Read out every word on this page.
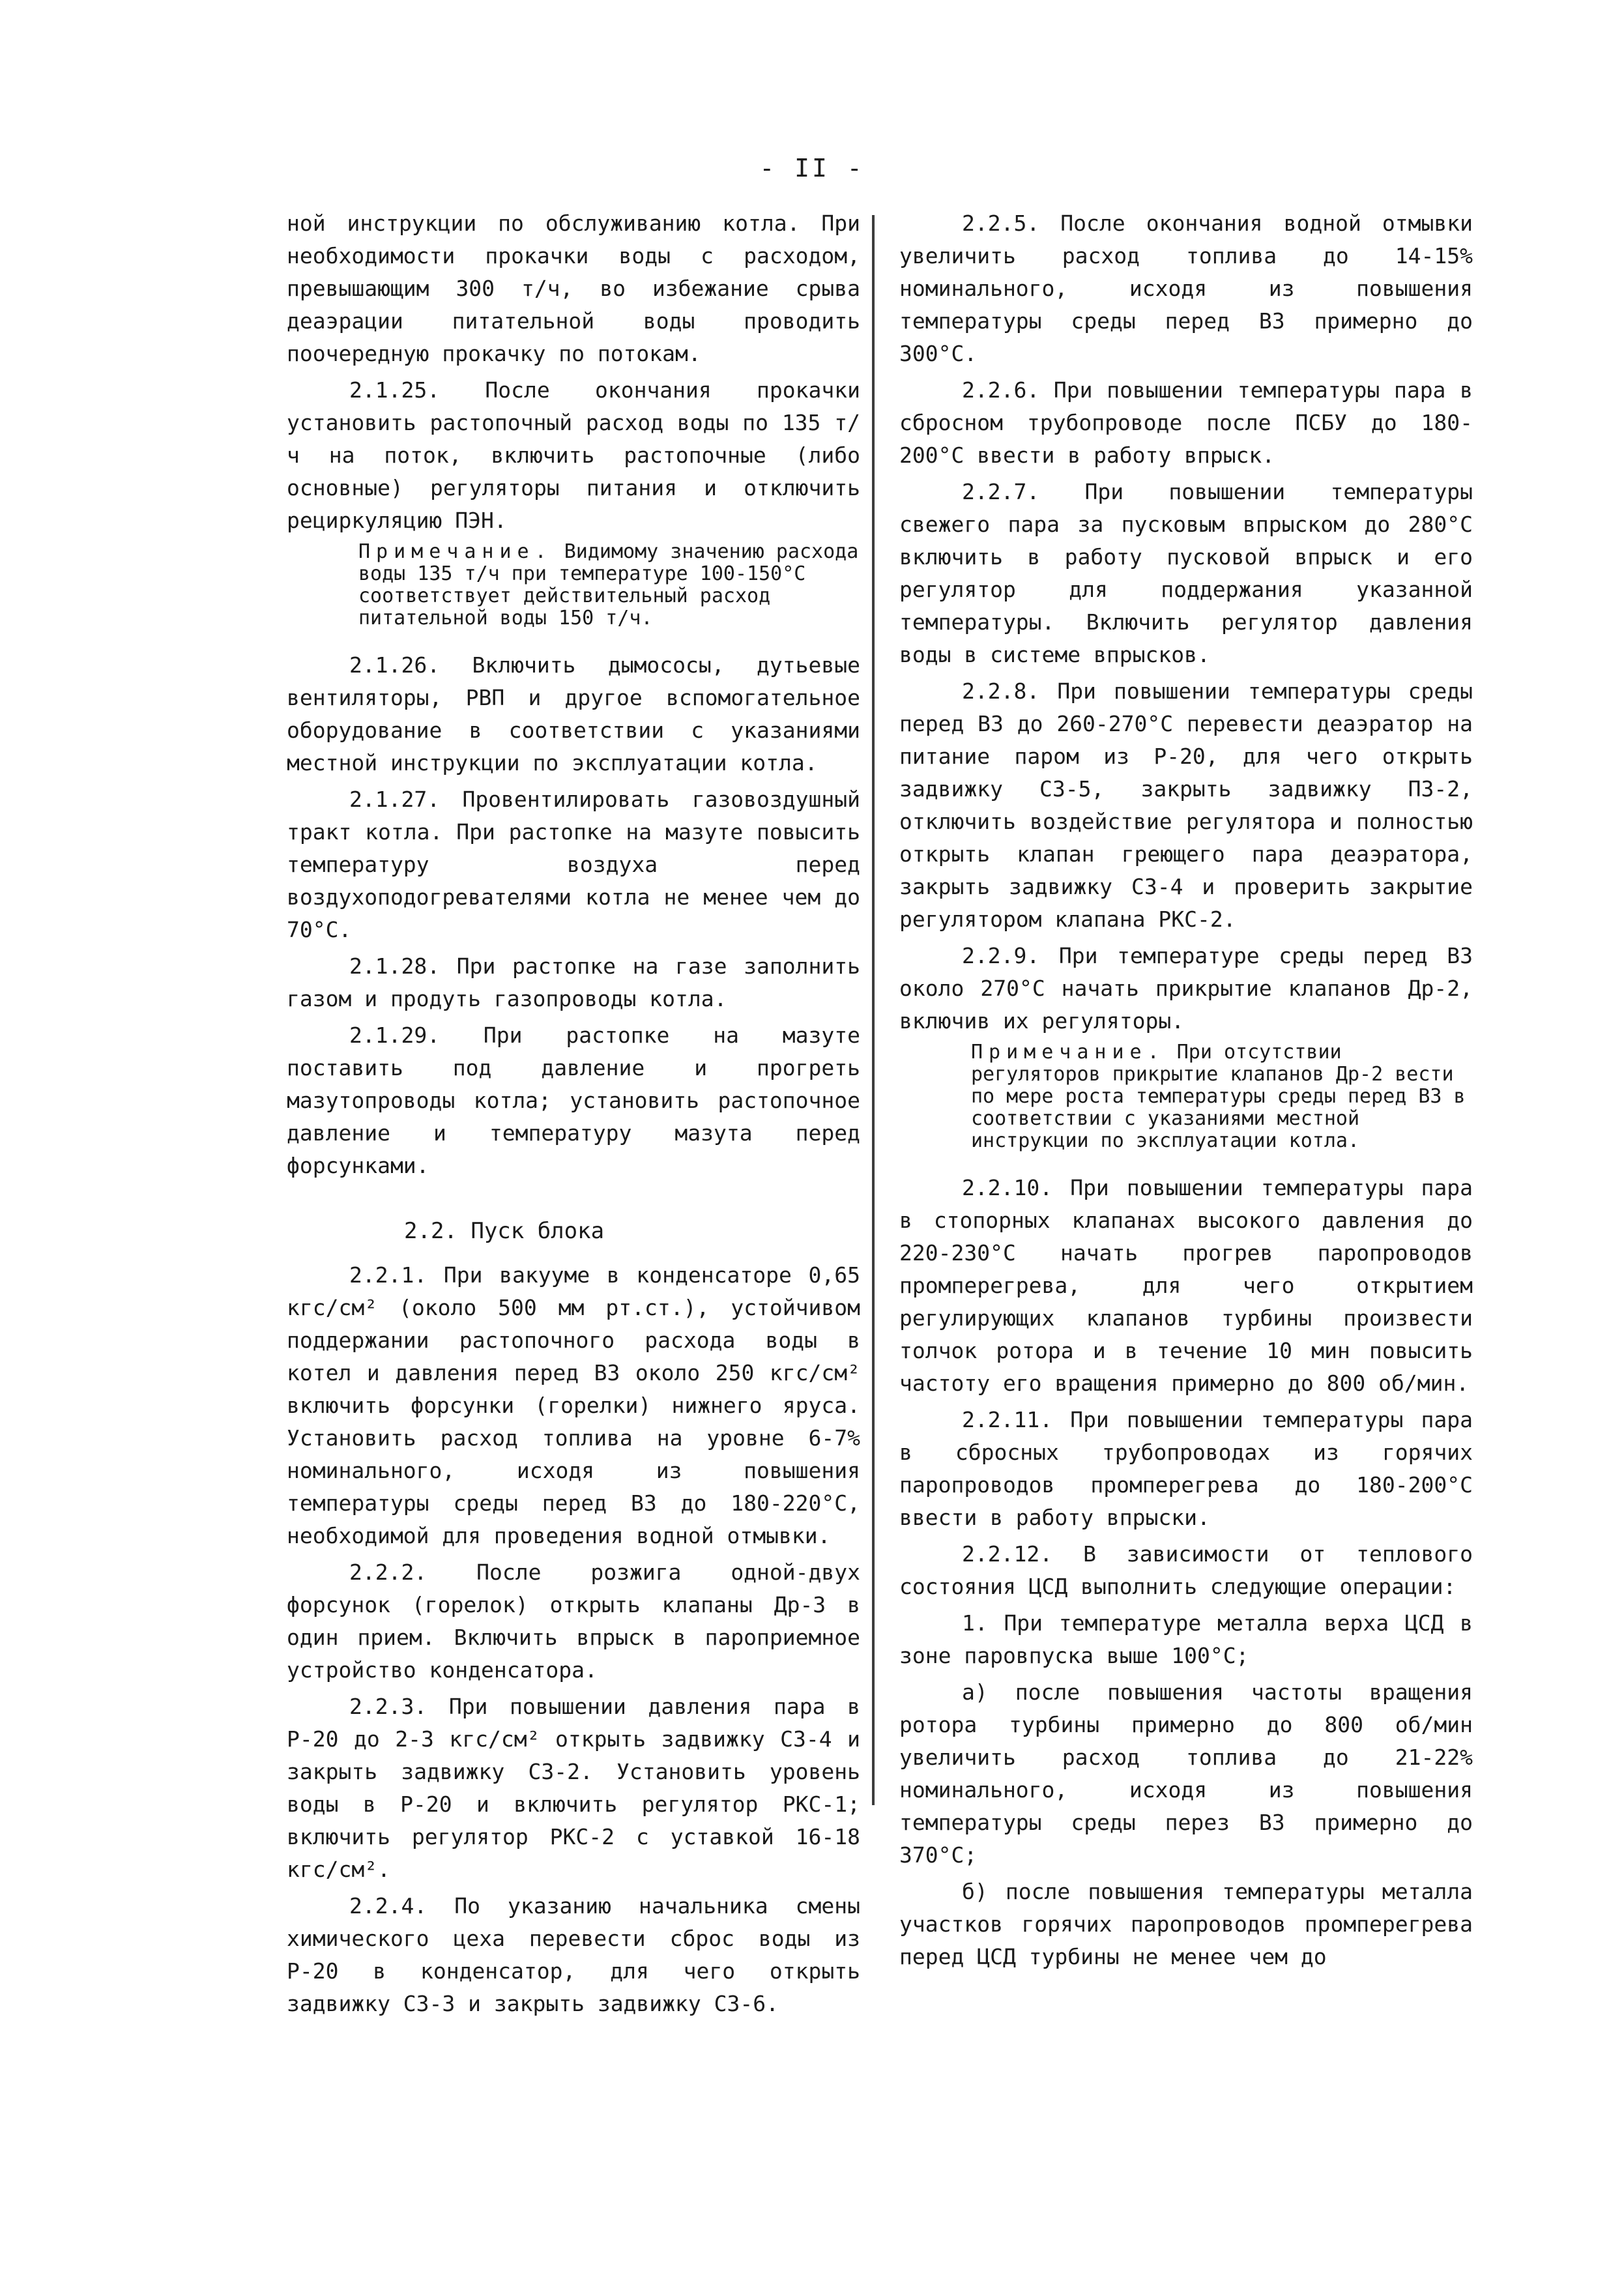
- II -

ной инструкции по обслуживанию котла. При необходимости прокачки воды с расходом, превышающим 300 т/ч, во избежание срыва деаэрации питательной воды проводить поочередную прокачку по потокам.

2.1.25. После окончания прокачки установить растопочный расход воды по 135 т/ч на поток, включить растопочные (либо основные) регуляторы питания и отключить рециркуляцию ПЭН.

Примечание. Видимому значению расхода воды 135 т/ч при температуре 100-150°С соответствует действительный расход питательной воды 150 т/ч.

2.1.26. Включить дымососы, дутьевые вентиляторы, РВП и другое вспомогательное оборудование в соответствии с указаниями местной инструкции по эксплуатации котла.

2.1.27. Провентилировать газовоздушный тракт котла. При растопке на мазуте повысить температуру воздуха перед воздухоподогревателями котла не менее чем до 70°С.

2.1.28. При растопке на газе заполнить газом и продуть газопроводы котла.

2.1.29. При растопке на мазуте поставить под давление и прогреть мазутопроводы котла; установить растопочное давление и температуру мазута перед форсунками.

2.2. Пуск блока

2.2.1. При вакууме в конденсаторе 0,65 кгс/см² (около 500 мм рт.ст.), устойчивом поддержании растопочного расхода воды в котел и давления перед ВЗ около 250 кгс/см² включить форсунки (горелки) нижнего яруса. Установить расход топлива на уровне 6-7% номинального, исходя из повышения температуры среды перед ВЗ до 180-220°С, необходимой для проведения водной отмывки.

2.2.2. После розжига одной-двух форсунок (горелок) открыть клапаны Др-3 в один прием. Включить впрыск в пароприемное устройство конденсатора.

2.2.3. При повышении давления пара в Р-20 до 2-3 кгс/см² открыть задвижку СЗ-4 и закрыть задвижку СЗ-2. Установить уровень воды в Р-20 и включить регулятор РКС-1; включить регулятор РКС-2 с уставкой 16-18 кгс/см².

2.2.4. По указанию начальника смены химического цеха перевести сброс воды из Р-20 в конденсатор, для чего открыть задвижку СЗ-3 и закрыть задвижку СЗ-6.

2.2.5. После окончания водной отмывки увеличить расход топлива до 14-15% номинального, исходя из повышения температуры среды перед ВЗ примерно до 300°С.

2.2.6. При повышении температуры пара в сбросном трубопроводе после ПСБУ до 180-200°С ввести в работу впрыск.

2.2.7. При повышении температуры свежего пара за пусковым впрыском до 280°С включить в работу пусковой впрыск и его регулятор для поддержания указанной температуры. Включить регулятор давления воды в системе впрысков.

2.2.8. При повышении температуры среды перед ВЗ до 260-270°С перевести деаэратор на питание паром из Р-20, для чего открыть задвижку СЗ-5, закрыть задвижку ПЗ-2, отключить воздействие регулятора и полностью открыть клапан греющего пара деаэратора, закрыть задвижку СЗ-4 и проверить закрытие регулятором клапана РКС-2.

2.2.9. При температуре среды перед ВЗ около 270°С начать прикрытие клапанов Др-2, включив их регуляторы.

Примечание. При отсутствии регуляторов прикрытие клапанов Др-2 вести по мере роста температуры среды перед ВЗ в соответствии с указаниями местной инструкции по эксплуатации котла.

2.2.10. При повышении температуры пара в стопорных клапанах высокого давления до 220-230°С начать прогрев паропроводов промперегрева, для чего открытием регулирующих клапанов турбины произвести толчок ротора и в течение 10 мин повысить частоту его вращения примерно до 800 об/мин.

2.2.11. При повышении температуры пара в сбросных трубопроводах из горячих паропроводов промперегрева до 180-200°С ввести в работу впрыски.

2.2.12. В зависимости от теплового состояния ЦСД выполнить следующие операции:

1. При температуре металла верха ЦСД в зоне паровпуска выше 100°С;

а) после повышения частоты вращения ротора турбины примерно до 800 об/мин увеличить расход топлива до 21-22% номинального, исходя из повышения температуры среды перез ВЗ примерно до 370°С;

б) после повышения температуры металла участков горячих паропроводов промперегрева перед ЦСД турбины не менее чем до
